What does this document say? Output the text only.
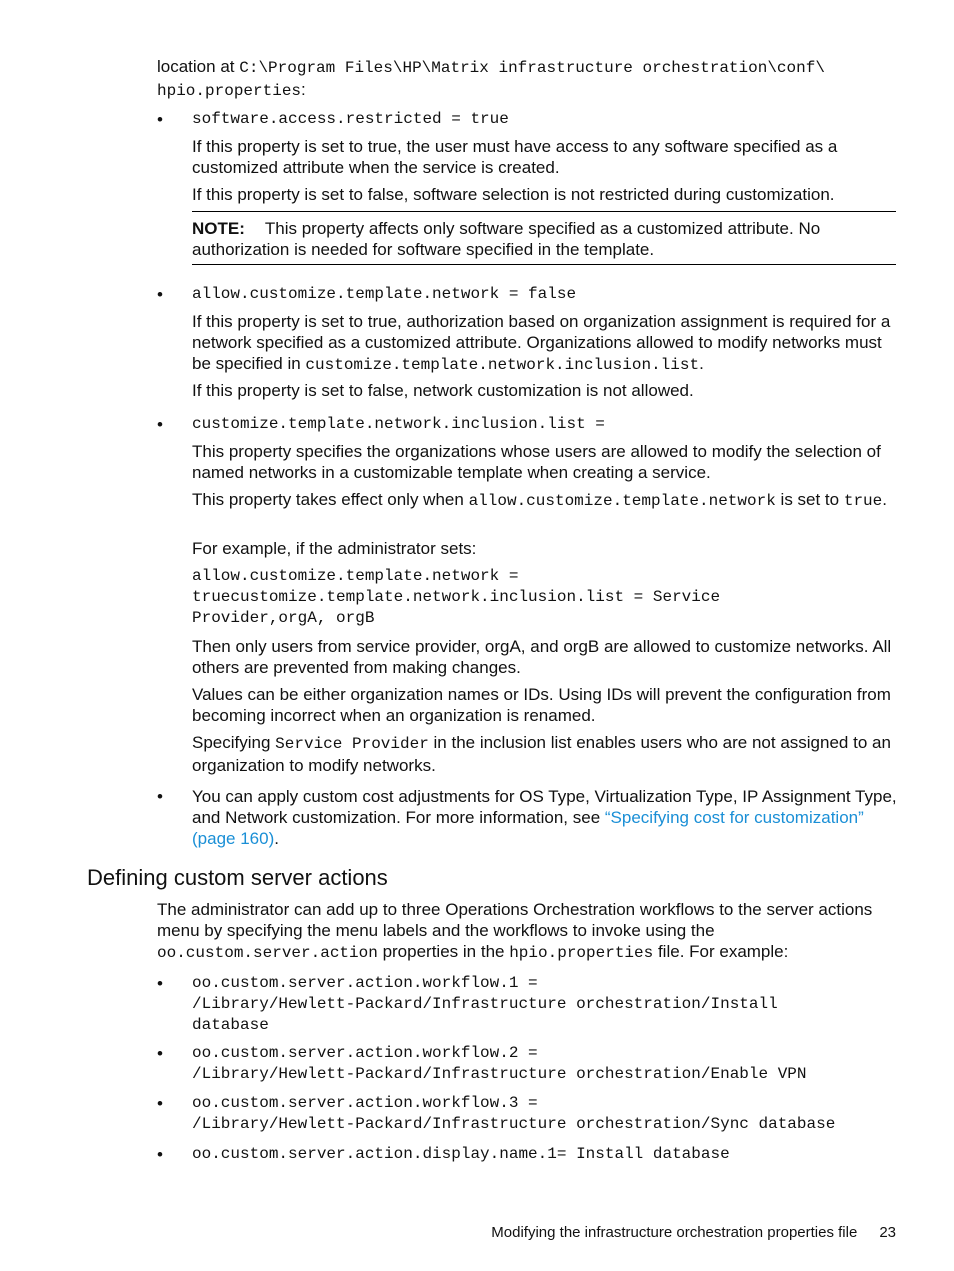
location at C:\Program Files\HP\Matrix infrastructure orchestration\conf\

hpio.properties:

• software.access.restricted = true
If this property is set to true, the user must have access to any software specified as a customized attribute when the service is created.
If this property is set to false, software selection is not restricted during customization.
NOTE: This property affects only software specified as a customized attribute. No authorization is needed for software specified in the template.
• allow.customize.template.network = false
If this property is set to true, authorization based on organization assignment is required for a network specified as a customized attribute. Organizations allowed to modify networks must be specified in customize.template.network.inclusion.list.
If this property is set to false, network customization is not allowed.
• customize.template.network.inclusion.list =
This property specifies the organizations whose users are allowed to modify the selection of named networks in a customizable template when creating a service.
This property takes effect only when allow.customize.template.network is set to true.
For example, if the administrator sets:
allow.customize.template.network =
truecustomize.template.network.inclusion.list = Service
Provider,orgA, orgB
Then only users from service provider, orgA, and orgB are allowed to customize networks. All others are prevented from making changes.
Values can be either organization names or IDs. Using IDs will prevent the configuration from becoming incorrect when an organization is renamed.
Specifying Service Provider in the inclusion list enables users who are not assigned to an organization to modify networks.
• You can apply custom cost adjustments for OS Type, Virtualization Type, IP Assignment Type, and Network customization. For more information, see “Specifying cost for customization” (page 160).
Defining custom server actions
The administrator can add up to three Operations Orchestration workflows to the server actions menu by specifying the menu labels and the workflows to invoke using the oo.custom.server.action properties in the hpio.properties file. For example:
• oo.custom.server.action.workflow.1 =
/Library/Hewlett-Packard/Infrastructure orchestration/Install
database
• oo.custom.server.action.workflow.2 =
/Library/Hewlett-Packard/Infrastructure orchestration/Enable VPN
• oo.custom.server.action.workflow.3 =
/Library/Hewlett-Packard/Infrastructure orchestration/Sync database
• oo.custom.server.action.display.name.1= Install database
Modifying the infrastructure orchestration properties file 23
